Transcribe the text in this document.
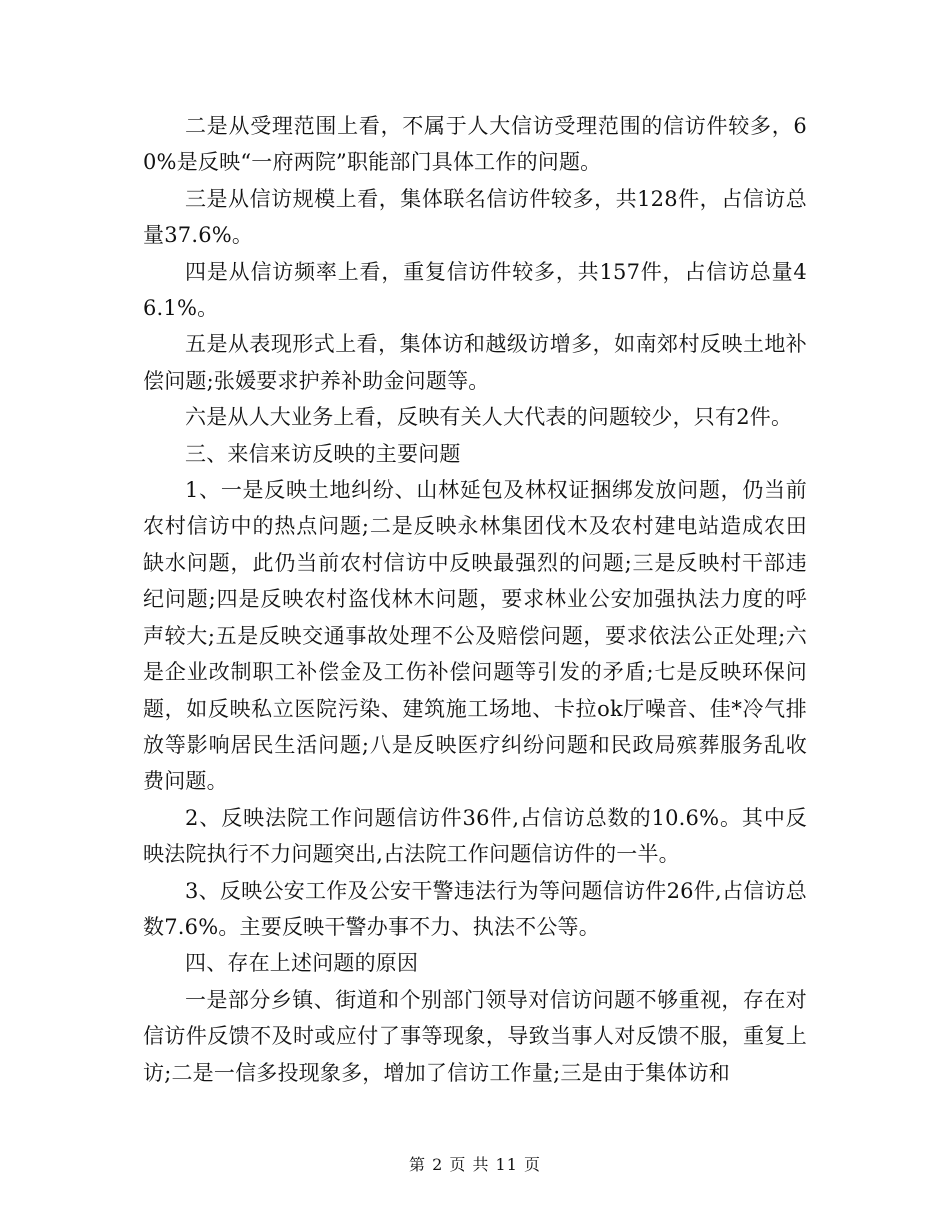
二是从受理范围上看，不属于人大信访受理范围的信访件较多，60%是反映“一府两院”职能部门具体工作的问题。

三是从信访规模上看，集体联名信访件较多，共128件，占信访总量37.6%。

四是从信访频率上看，重复信访件较多，共157件，占信访总量46.1%。

五是从表现形式上看，集体访和越级访增多，如南郊村反映土地补偿问题;张媛要求护养补助金问题等。

六是从人大业务上看，反映有关人大代表的问题较少，只有2件。

三、来信来访反映的主要问题

1、一是反映土地纠纷、山林延包及林权证捆绑发放问题，仍当前农村信访中的热点问题;二是反映永林集团伐木及农村建电站造成农田缺水问题，此仍当前农村信访中反映最强烈的问题;三是反映村干部违纪问题;四是反映农村盗伐林木问题，要求林业公安加强执法力度的呼声较大;五是反映交通事故处理不公及赔偿问题，要求依法公正处理;六是企业改制职工补偿金及工伤补偿问题等引发的矛盾;七是反映环保问题，如反映私立医院污染、建筑施工场地、卡拉ok厅噪音、佳*冷气排放等影响居民生活问题;八是反映医疗纠纷问题和民政局殡葬服务乱收费问题。

2、反映法院工作问题信访件36件,占信访总数的10.6%。其中反映法院执行不力问题突出,占法院工作问题信访件的一半。

3、反映公安工作及公安干警违法行为等问题信访件26件,占信访总数7.6%。主要反映干警办事不力、执法不公等。

四、存在上述问题的原因

一是部分乡镇、街道和个别部门领导对信访问题不够重视，存在对信访件反馈不及时或应付了事等现象，导致当事人对反馈不服，重复上访;二是一信多投现象多，增加了信访工作量;三是由于集体访和

第 2 页 共 11 页
